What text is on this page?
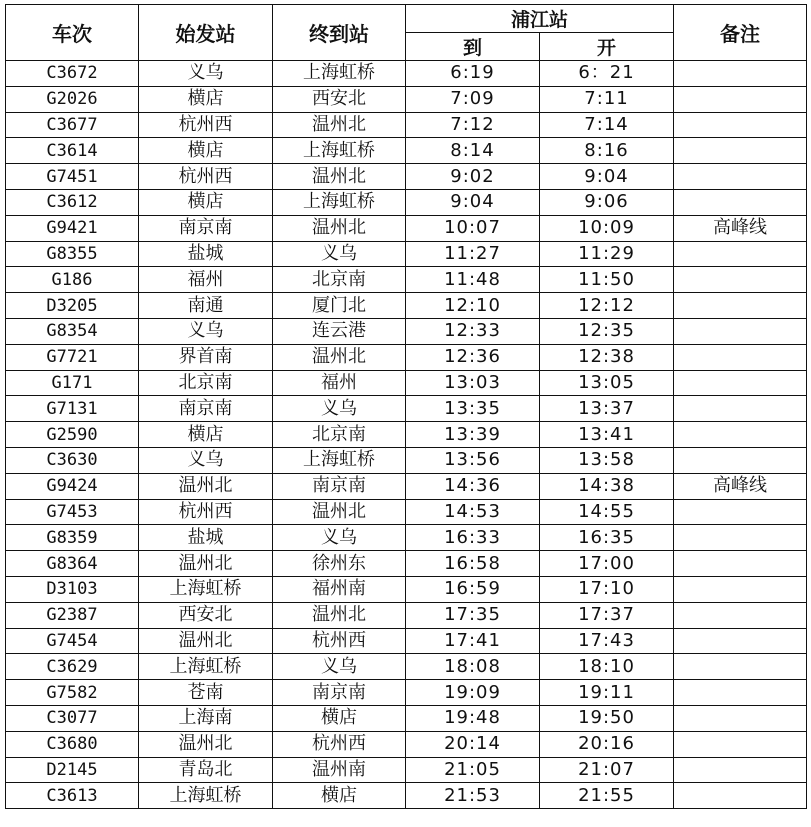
车次	始发站	终到站	浦江站		备注
			到	开	
C3672	义乌	上海虹桥	6:19	6：21	
G2026	横店	西安北	7:09	7:11	
C3677	杭州西	温州北	7:12	7:14	
C3614	横店	上海虹桥	8:14	8:16	
G7451	杭州西	温州北	9:02	9:04	
C3612	横店	上海虹桥	9:04	9:06	
G9421	南京南	温州北	10:07	10:09	高峰线
G8355	盐城	义乌	11:27	11:29	
G186	福州	北京南	11:48	11:50	
D3205	南通	厦门北	12:10	12:12	
G8354	义乌	连云港	12:33	12:35	
G7721	界首南	温州北	12:36	12:38	
G171	北京南	福州	13:03	13:05	
G7131	南京南	义乌	13:35	13:37	
G2590	横店	北京南	13:39	13:41	
C3630	义乌	上海虹桥	13:56	13:58	
G9424	温州北	南京南	14:36	14:38	高峰线
G7453	杭州西	温州北	14:53	14:55	
G8359	盐城	义乌	16:33	16:35	
G8364	温州北	徐州东	16:58	17:00	
D3103	上海虹桥	福州南	16:59	17:10	
G2387	西安北	温州北	17:35	17:37	
G7454	温州北	杭州西	17:41	17:43	
C3629	上海虹桥	义乌	18:08	18:10	
G7582	苍南	南京南	19:09	19:11	
C3077	上海南	横店	19:48	19:50	
C3680	温州北	杭州西	20:14	20:16	
D2145	青岛北	温州南	21:05	21:07	
C3613	上海虹桥	横店	21:53	21:55	
